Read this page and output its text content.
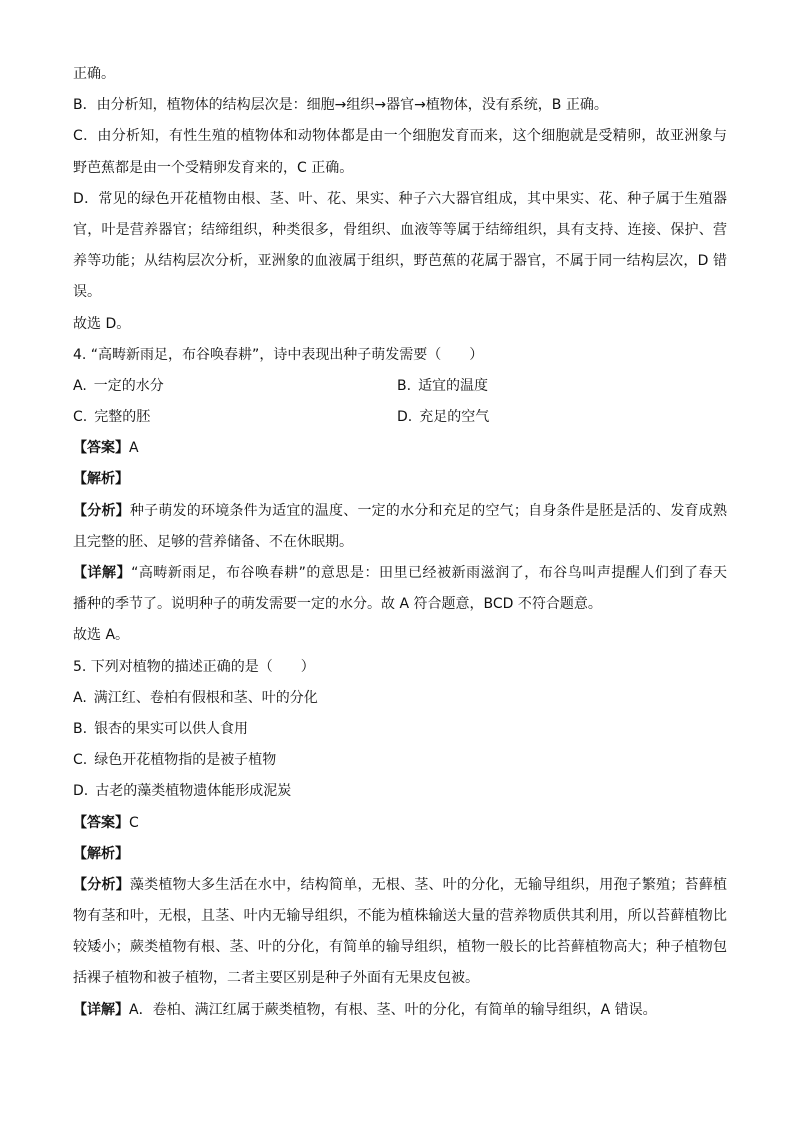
正确。
B．由分析知，植物体的结构层次是：细胞→组织→器官→植物体，没有系统，B 正确。
C．由分析知，有性生殖的植物体和动物体都是由一个细胞发育而来，这个细胞就是受精卵，故亚洲象与
野芭蕉都是由一个受精卵发育来的，C 正确。
D．常见的绿色开花植物由根、茎、叶、花、果实、种子六大器官组成，其中果实、花、种子属于生殖器
官，叶是营养器官；结缔组织，种类很多，骨组织、血液等等属于结缔组织，具有支持、连接、保护、营
养等功能；从结构层次分析，亚洲象的血液属于组织，野芭蕉的花属于器官，不属于同一结构层次，D 错
误。
故选 D。
4. “高畴新雨足，布谷唤春耕”，诗中表现出种子萌发需要（　　）
A. 一定的水分	B. 适宜的温度
C. 完整的胚	D. 充足的空气
【答案】A
【解析】
【分析】种子萌发的环境条件为适宜的温度、一定的水分和充足的空气；自身条件是胚是活的、发育成熟
且完整的胚、足够的营养储备、不在休眠期。
【详解】“高畴新雨足，布谷唤春耕”的意思是：田里已经被新雨滋润了，布谷鸟叫声提醒人们到了春天
播种的季节了。说明种子的萌发需要一定的水分。故 A 符合题意，BCD 不符合题意。
故选 A。
5. 下列对植物的描述正确的是（　　）
A. 满江红、卷柏有假根和茎、叶的分化
B. 银杏的果实可以供人食用
C. 绿色开花植物指的是被子植物
D. 古老的藻类植物遗体能形成泥炭
【答案】C
【解析】
【分析】藻类植物大多生活在水中，结构简单，无根、茎、叶的分化，无输导组织，用孢子繁殖；苔藓植
物有茎和叶，无根，且茎、叶内无输导组织，不能为植株输送大量的营养物质供其利用，所以苔藓植物比
较矮小；蕨类植物有根、茎、叶的分化，有简单的输导组织，植物一般长的比苔藓植物高大；种子植物包
括裸子植物和被子植物，二者主要区别是种子外面有无果皮包被。
【详解】A．卷柏、满江红属于蕨类植物，有根、茎、叶的分化，有简单的输导组织，A 错误。
